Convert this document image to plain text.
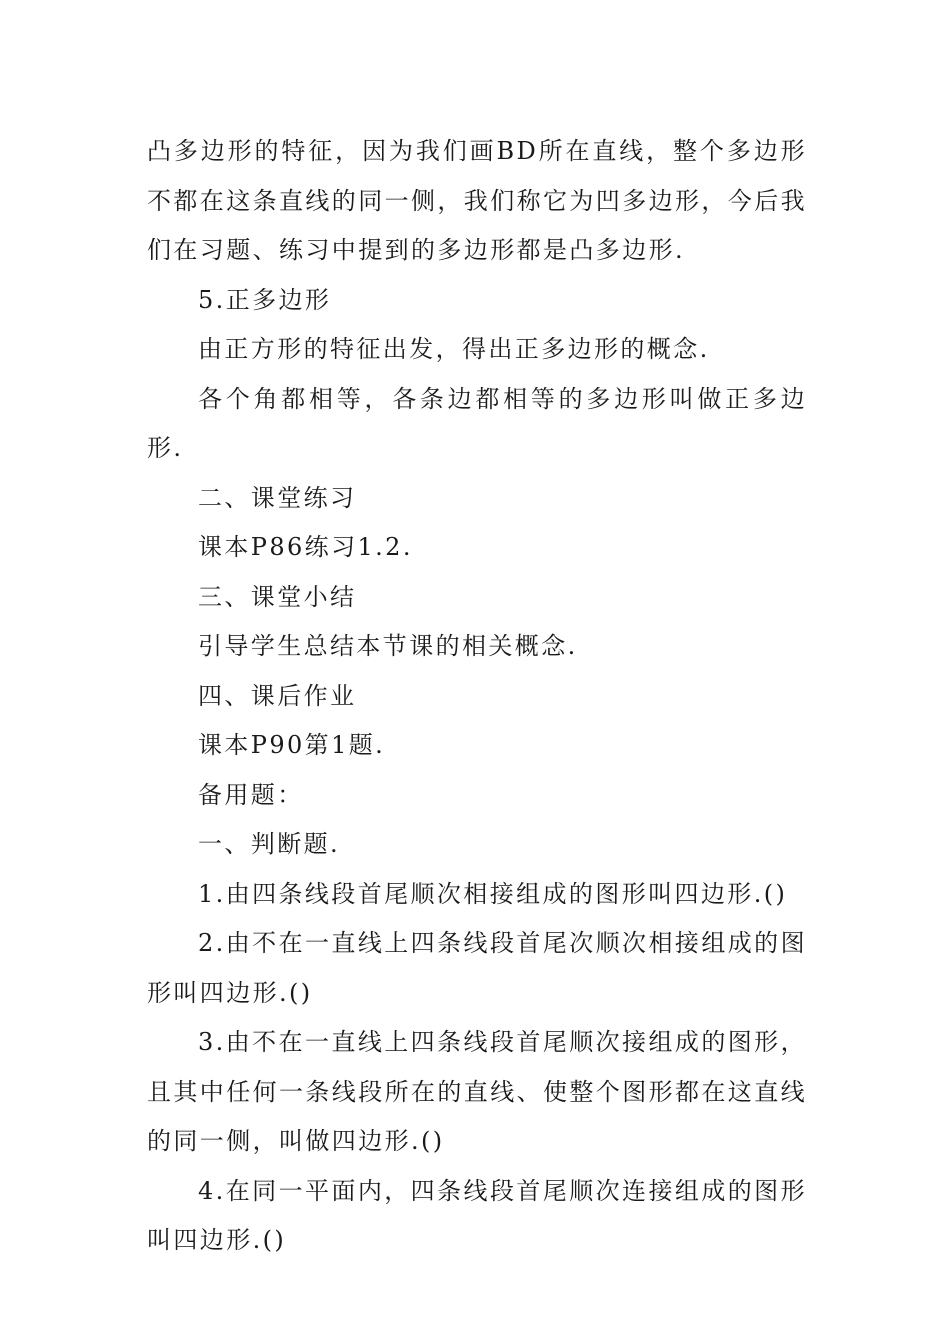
凸多边形的特征，因为我们画BD所在直线，整个多边形不都在这条直线的同一侧，我们称它为凹多边形，今后我们在习题、练习中提到的多边形都是凸多边形.

5.正多边形

由正方形的特征出发，得出正多边形的概念.

各个角都相等，各条边都相等的多边形叫做正多边形.

二、课堂练习

课本P86练习1.2.

三、课堂小结

引导学生总结本节课的相关概念.

四、课后作业

课本P90第1题.

备用题：

一、判断题.

1.由四条线段首尾顺次相接组成的图形叫四边形.()

2.由不在一直线上四条线段首尾次顺次相接组成的图形叫四边形.()

3.由不在一直线上四条线段首尾顺次接组成的图形，且其中任何一条线段所在的直线、使整个图形都在这直线的同一侧，叫做四边形.()

4.在同一平面内，四条线段首尾顺次连接组成的图形叫四边形.()
